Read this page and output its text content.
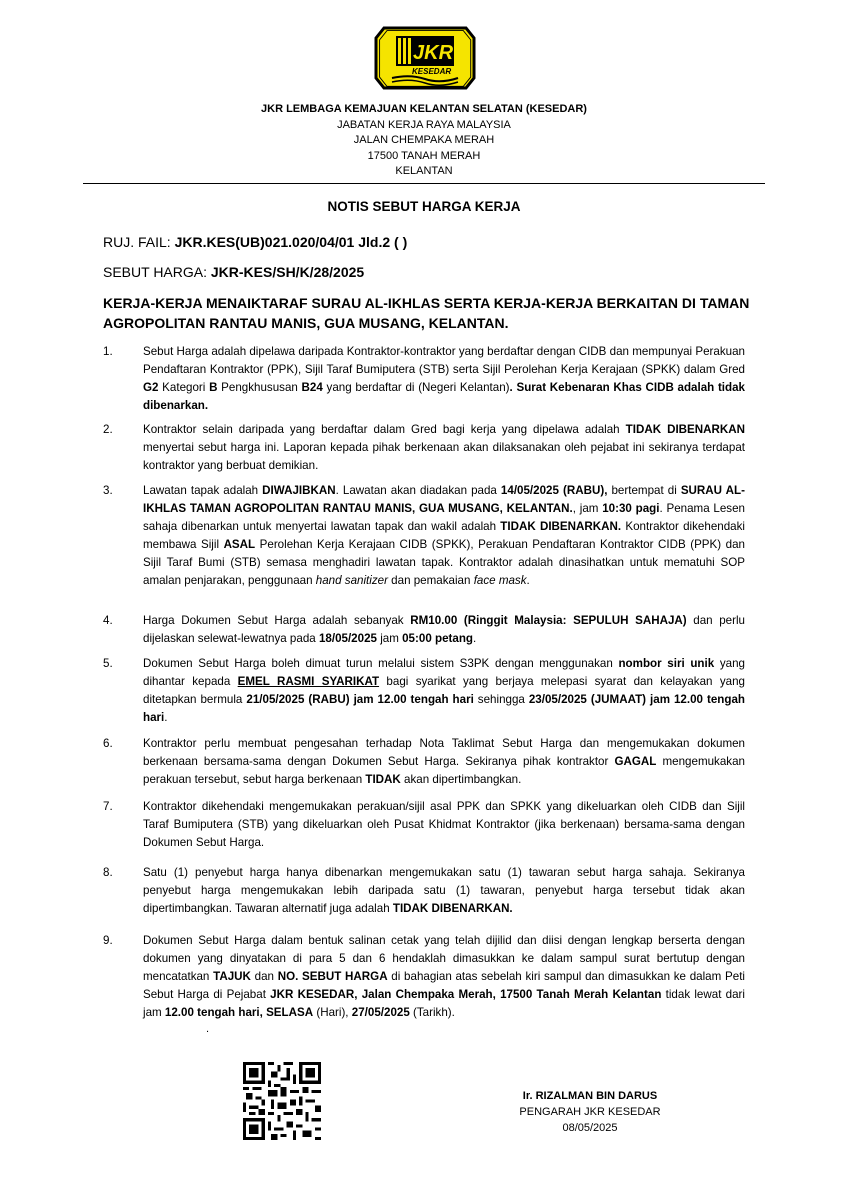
JKR
KESEDAR
JKR LEMBAGA KEMAJUAN KELANTAN SELATAN (KESEDAR)
JABATAN KERJA RAYA MALAYSIA
JALAN CHEMPAKA MERAH
17500 TANAH MERAH
KELANTAN
NOTIS SEBUT HARGA KERJA
RUJ. FAIL: JKR.KES(UB)021.020/04/01 Jld.2 ( )
SEBUT HARGA: JKR-KES/SH/K/28/2025
KERJA-KERJA MENAIKTARAF SURAU AL-IKHLAS SERTA KERJA-KERJA BERKAITAN DI TAMAN AGROPOLITAN RANTAU MANIS, GUA MUSANG, KELANTAN.
1.	Sebut Harga adalah dipelawa daripada Kontraktor-kontraktor yang berdaftar dengan CIDB dan mempunyai Perakuan Pendaftaran Kontraktor (PPK), Sijil Taraf Bumiputera (STB) serta Sijil Perolehan Kerja Kerajaan (SPKK) dalam Gred G2 Kategori B Pengkhususan B24 yang berdaftar di (Negeri Kelantan). Surat Kebenaran Khas CIDB adalah tidak dibenarkan.
2.	Kontraktor selain daripada yang berdaftar dalam Gred bagi kerja yang dipelawa adalah TIDAK DIBENARKAN menyertai sebut harga ini. Laporan kepada pihak berkenaan akan dilaksanakan oleh pejabat ini sekiranya terdapat kontraktor yang berbuat demikian.
3.	Lawatan tapak adalah DIWAJIBKAN. Lawatan akan diadakan pada 14/05/2025 (RABU), bertempat di SURAU AL-IKHLAS TAMAN AGROPOLITAN RANTAU MANIS, GUA MUSANG, KELANTAN., jam 10:30 pagi. Penama Lesen sahaja dibenarkan untuk menyertai lawatan tapak dan wakil adalah TIDAK DIBENARKAN. Kontraktor dikehendaki membawa Sijil ASAL Perolehan Kerja Kerajaan CIDB (SPKK), Perakuan Pendaftaran Kontraktor CIDB (PPK) dan Sijil Taraf Bumi (STB) semasa menghadiri lawatan tapak. Kontraktor adalah dinasihatkan untuk mematuhi SOP amalan penjarakan, penggunaan hand sanitizer dan pemakaian face mask.
4.	Harga Dokumen Sebut Harga adalah sebanyak RM10.00 (Ringgit Malaysia: SEPULUH SAHAJA) dan perlu dijelaskan selewat-lewatnya pada 18/05/2025 jam 05:00 petang.
5.	Dokumen Sebut Harga boleh dimuat turun melalui sistem S3PK dengan menggunakan nombor siri unik yang dihantar kepada EMEL RASMI SYARIKAT bagi syarikat yang berjaya melepasi syarat dan kelayakan yang ditetapkan bermula 21/05/2025 (RABU) jam 12.00 tengah hari sehingga 23/05/2025 (JUMAAT) jam 12.00 tengah hari.
6.	Kontraktor perlu membuat pengesahan terhadap Nota Taklimat Sebut Harga dan mengemukakan dokumen berkenaan bersama-sama dengan Dokumen Sebut Harga. Sekiranya pihak kontraktor GAGAL mengemukakan perakuan tersebut, sebut harga berkenaan TIDAK akan dipertimbangkan.
7.	Kontraktor dikehendaki mengemukakan perakuan/sijil asal PPK dan SPKK yang dikeluarkan oleh CIDB dan Sijil Taraf Bumiputera (STB) yang dikeluarkan oleh Pusat Khidmat Kontraktor (jika berkenaan) bersama-sama dengan Dokumen Sebut Harga.
8.	Satu (1) penyebut harga hanya dibenarkan mengemukakan satu (1) tawaran sebut harga sahaja. Sekiranya penyebut harga mengemukakan lebih daripada satu (1) tawaran, penyebut harga tersebut tidak akan dipertimbangkan. Tawaran alternatif juga adalah TIDAK DIBENARKAN.
9.	Dokumen Sebut Harga dalam bentuk salinan cetak yang telah dijilid dan diisi dengan lengkap berserta dengan dokumen yang dinyatakan di para 5 dan 6 hendaklah dimasukkan ke dalam sampul surat bertutup dengan mencatatkan TAJUK dan NO. SEBUT HARGA di bahagian atas sebelah kiri sampul dan dimasukkan ke dalam Peti Sebut Harga di Pejabat JKR KESEDAR, Jalan Chempaka Merah, 17500 Tanah Merah Kelantan tidak lewat dari jam 12.00 tengah hari, SELASA (Hari), 27/05/2025 (Tarikh).
.
Ir. RIZALMAN BIN DARUS
PENGARAH JKR KESEDAR
08/05/2025
